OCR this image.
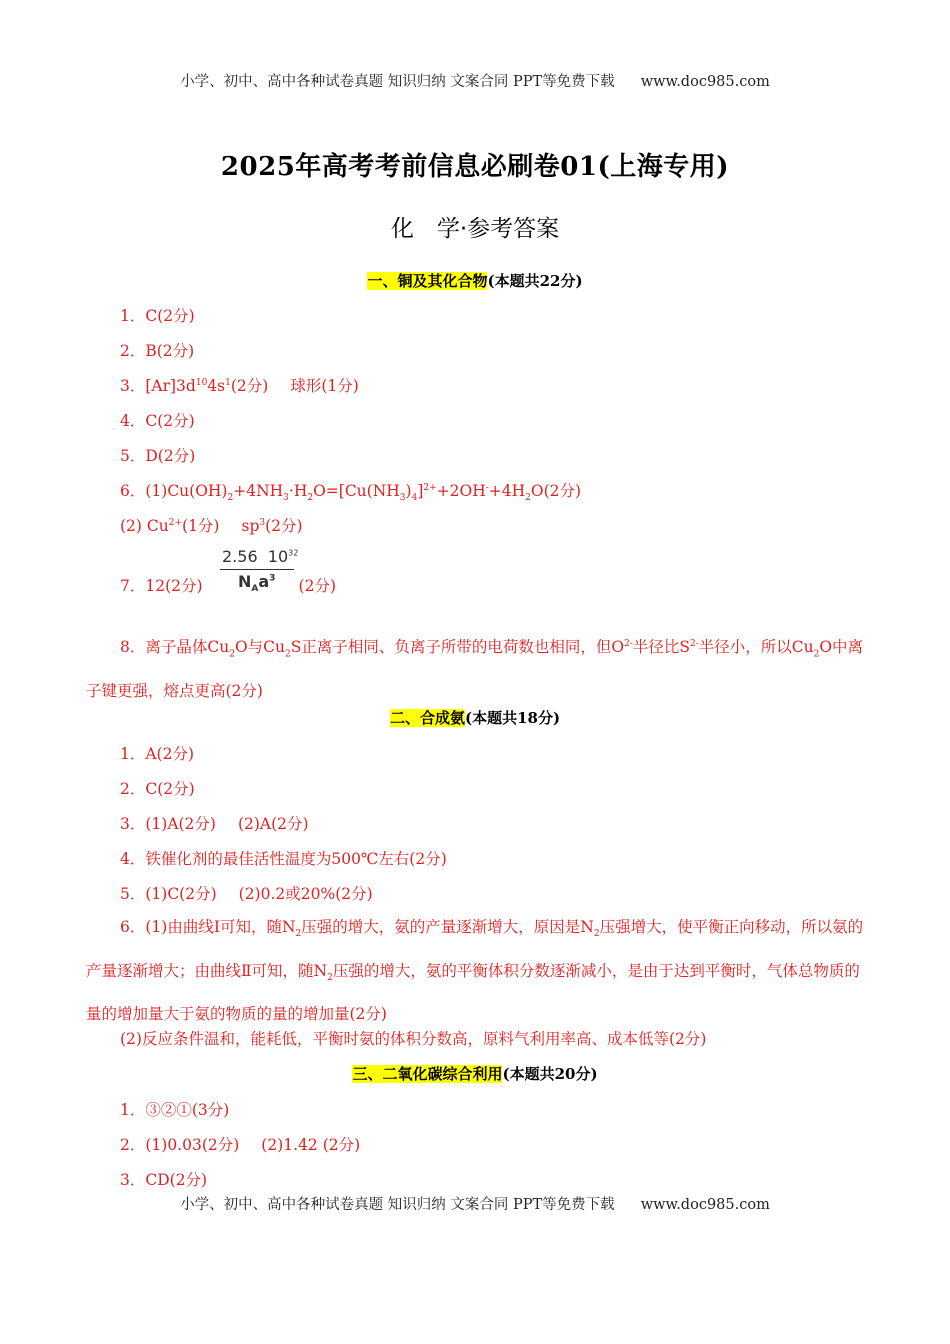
小学、初中、高中各种试卷真题 知识归纳 文案合同 PPT等免费下载 www.doc985.com
2025年高考考前信息必刷卷01(上海专用)
化　学·参考答案
一、铜及其化合物(本题共22分)
1．C(2分)
2．B(2分)
3．$[Ar]3d^{10}4s^1(2$分) 球形(1分)
4．C(2分)
5．D(2分)
6．$(1)Cu(OH)_2+4NH_3\cdot H_2O=[Cu(NH_3)_4]^{2+}+2OH^-+4H_2O(2$分)
(2) $Cu^{2+}(1$分) $sp^3(2$分)
7．12(2分)	(2分)
2.56 $10^{32}$
$N_Aa^3$
8．离子晶体$Cu_2O$与$Cu_2S$正离子相同、负离子所带的电荷数也相同，但$O^{2-}$半径比$S^{2-}$半径小，所以$Cu_2O$中离子键更强，熔点更高(2分)
二、合成氨(本题共18分)
1．A(2分)
2．C(2分)
3．(1)A(2分) (2)A(2分)
4．铁催化剂的最佳活性温度为500℃左右(2分)
5．(1)C(2分) (2)0.2或20%(2分)
6．(1)由曲线Ⅰ可知，随$N_2$压强的增大，氨的产量逐渐增大，原因是$N_2$压强增大，使平衡正向移动，所以氨的产量逐渐增大；由曲线Ⅱ可知，随$N_2$压强的增大，氨的平衡体积分数逐渐减小，是由于达到平衡时，气体总物质的量的增加量大于氨的物质的量的增加量(2分)
(2)反应条件温和，能耗低，平衡时氨的体积分数高，原料气利用率高、成本低等(2分)
三、二氧化碳综合利用(本题共20分)
1．③②①(3分)
2．(1)0.03(2分) (2)1.42 (2分)
3．CD(2分)
小学、初中、高中各种试卷真题 知识归纳 文案合同 PPT等免费下载 www.doc985.com
